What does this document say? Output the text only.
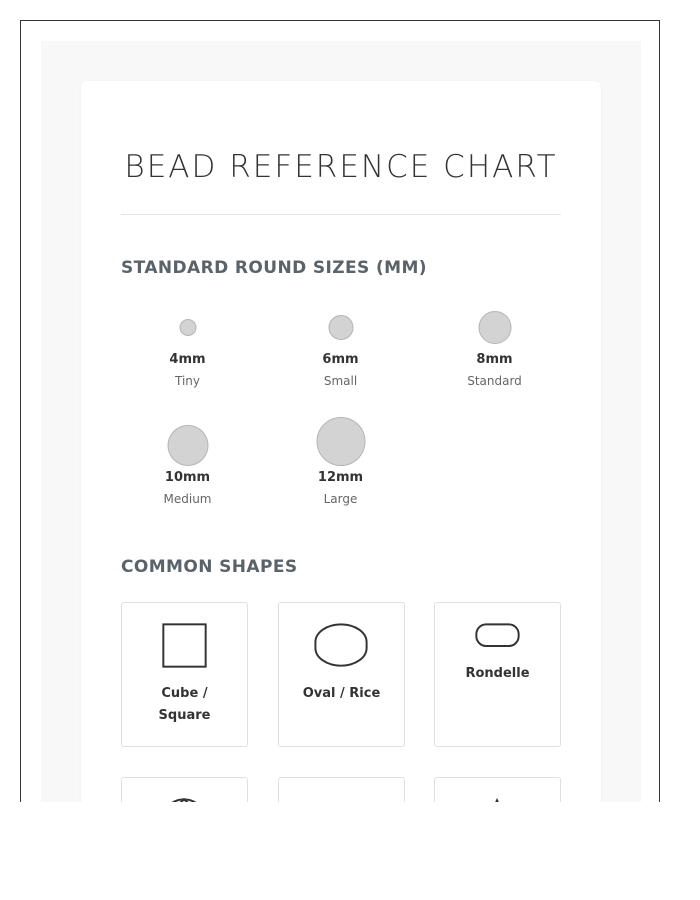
BEAD REFERENCE CHART
STANDARD ROUND SIZES (MM)
4mm
Tiny
6mm
Small
8mm
Standard
10mm
Medium
12mm
Large
COMMON SHAPES
Cube / Square
Oval / Rice
Rondelle
